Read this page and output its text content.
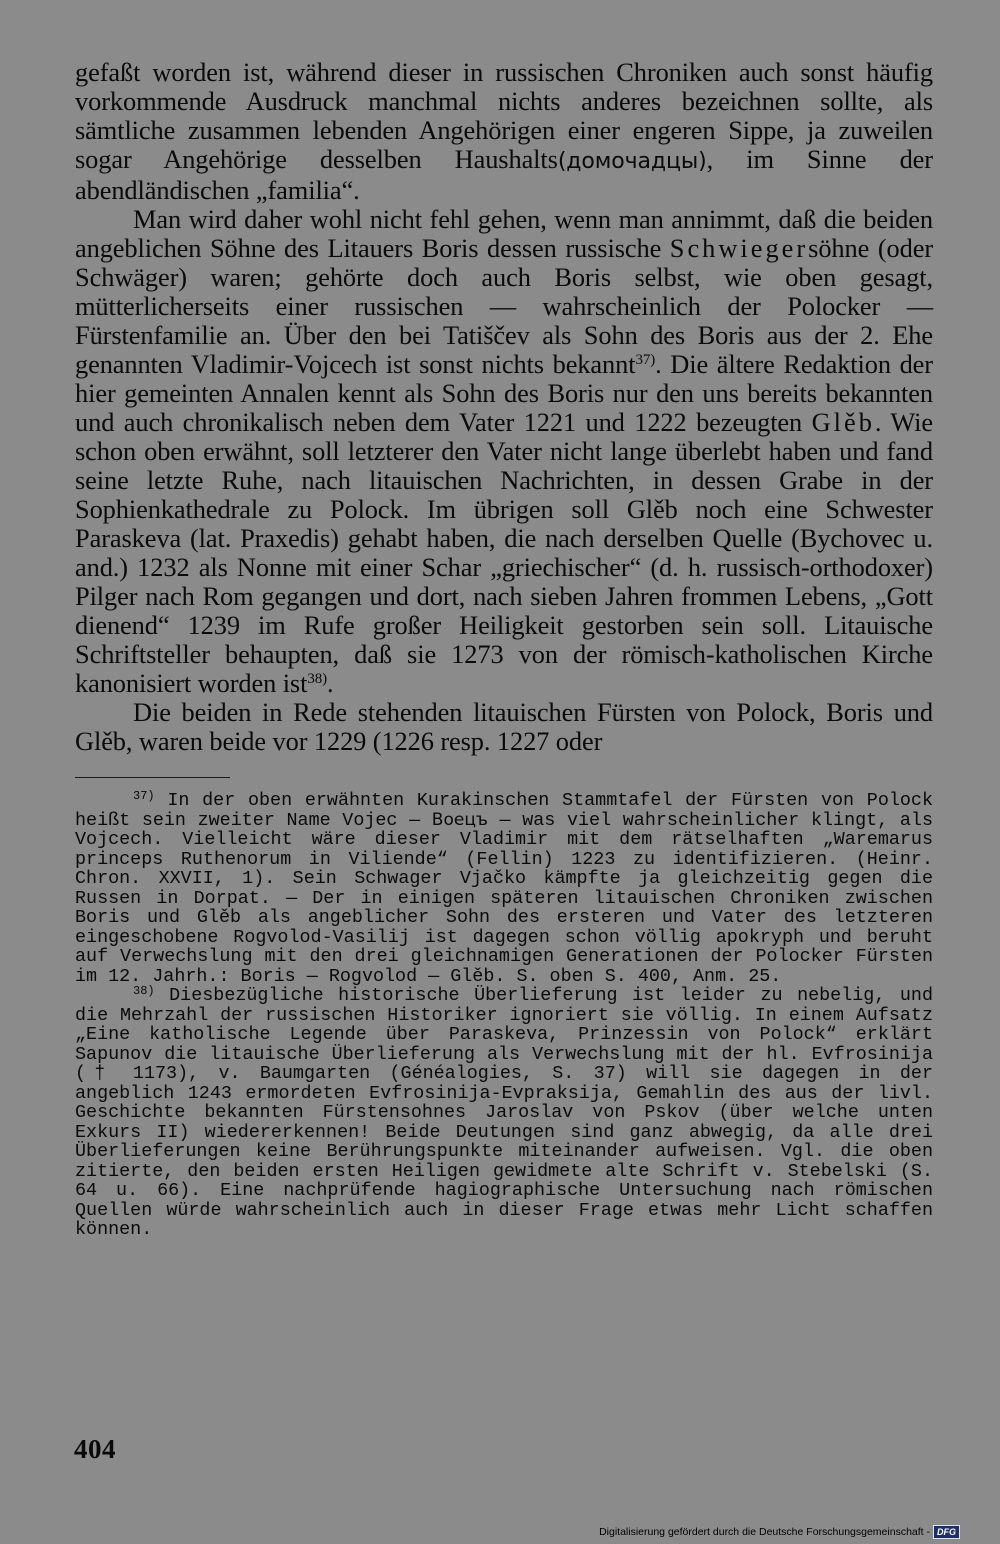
gefaßt worden ist, während dieser in russischen Chroniken auch sonst häufig vorkommende Ausdruck manchmal nichts anderes bezeichnen sollte, als sämtliche zusammen lebenden Angehörigen einer engeren Sippe, ja zuweilen sogar Angehörige desselben Haushalts(домочадцы), im Sinne der abendländischen „familia“.

Man wird daher wohl nicht fehl gehen, wenn man annimmt, daß die beiden angeblichen Söhne des Litauers Boris dessen russische Schwiegersöhne (oder Schwäger) waren; gehörte doch auch Boris selbst, wie oben gesagt, mütterlicherseits einer russischen — wahrscheinlich der Polocker — Fürstenfamilie an. Über den bei Tatiščev als Sohn des Boris aus der 2. Ehe genannten Vladimir-Vojcech ist sonst nichts bekannt$^{37)}$. Die ältere Redaktion der hier gemeinten Annalen kennt als Sohn des Boris nur den uns bereits bekannten und auch chronikalisch neben dem Vater 1221 und 1222 bezeugten Glěb. Wie schon oben erwähnt, soll letzterer den Vater nicht lange überlebt haben und fand seine letzte Ruhe, nach litauischen Nachrichten, in dessen Grabe in der Sophienkathedrale zu Polock. Im übrigen soll Glěb noch eine Schwester Paraskeva (lat. Praxedis) gehabt haben, die nach derselben Quelle (Bychovec u. and.) 1232 als Nonne mit einer Schar „griechischer“ (d. h. russisch-orthodoxer) Pilger nach Rom gegangen und dort, nach sieben Jahren frommen Lebens, „Gott dienend“ 1239 im Rufe großer Heiligkeit gestorben sein soll. Litauische Schriftsteller behaupten, daß sie 1273 von der römisch-katholischen Kirche kanonisiert worden ist$^{38)}$.

Die beiden in Rede stehenden litauischen Fürsten von Polock, Boris und Glěb, waren beide vor 1229 (1226 resp. 1227 oder

$^{37)}$ In der oben erwähnten Kurakinschen Stammtafel der Fürsten von Polock heißt sein zweiter Name Vojec — Воецъ — was viel wahrscheinlicher klingt, als Vojcech. Vielleicht wäre dieser Vladimir mit dem rätselhaften „Waremarus princeps Ruthenorum in Viliende“ (Fellin) 1223 zu identifizieren. (Heinr. Chron. XXVII, 1). Sein Schwager Vjačko kämpfte ja gleichzeitig gegen die Russen in Dorpat. — Der in einigen späteren litauischen Chroniken zwischen Boris und Glěb als angeblicher Sohn des ersteren und Vater des letzteren eingeschobene Rogvolod-Vasilij ist dagegen schon völlig apokryph und beruht auf Verwechslung mit den drei gleichnamigen Generationen der Polocker Fürsten im 12. Jahrh.: Boris — Rogvolod — Glěb. S. oben S. 400, Anm. 25.

$^{38)}$ Diesbezügliche historische Überlieferung ist leider zu nebelig, und die Mehrzahl der russischen Historiker ignoriert sie völlig. In einem Aufsatz „Eine katholische Legende über Paraskeva, Prinzessin von Polock“ erklärt Sapunov die litauische Überlieferung als Verwechslung mit der hl. Evfrosinija († 1173), v. Baumgarten (Généalogies, S. 37) will sie dagegen in der angeblich 1243 ermordeten Evfrosinija-Evpraksija, Gemahlin des aus der livl. Geschichte bekannten Fürstensohnes Jaroslav von Pskov (über welche unten Exkurs II) wiedererkennen! Beide Deutungen sind ganz abwegig, da alle drei Überlieferungen keine Berührungspunkte miteinander aufweisen. Vgl. die oben zitierte, den beiden ersten Heiligen gewidmete alte Schrift v. Stebelski (S. 64 u. 66). Eine nachprüfende hagiographische Untersuchung nach römischen Quellen würde wahrscheinlich auch in dieser Frage etwas mehr Licht schaffen können.

404
Digitalisierung gefördert durch die Deutsche Forschungsgemeinschaft - DFG
